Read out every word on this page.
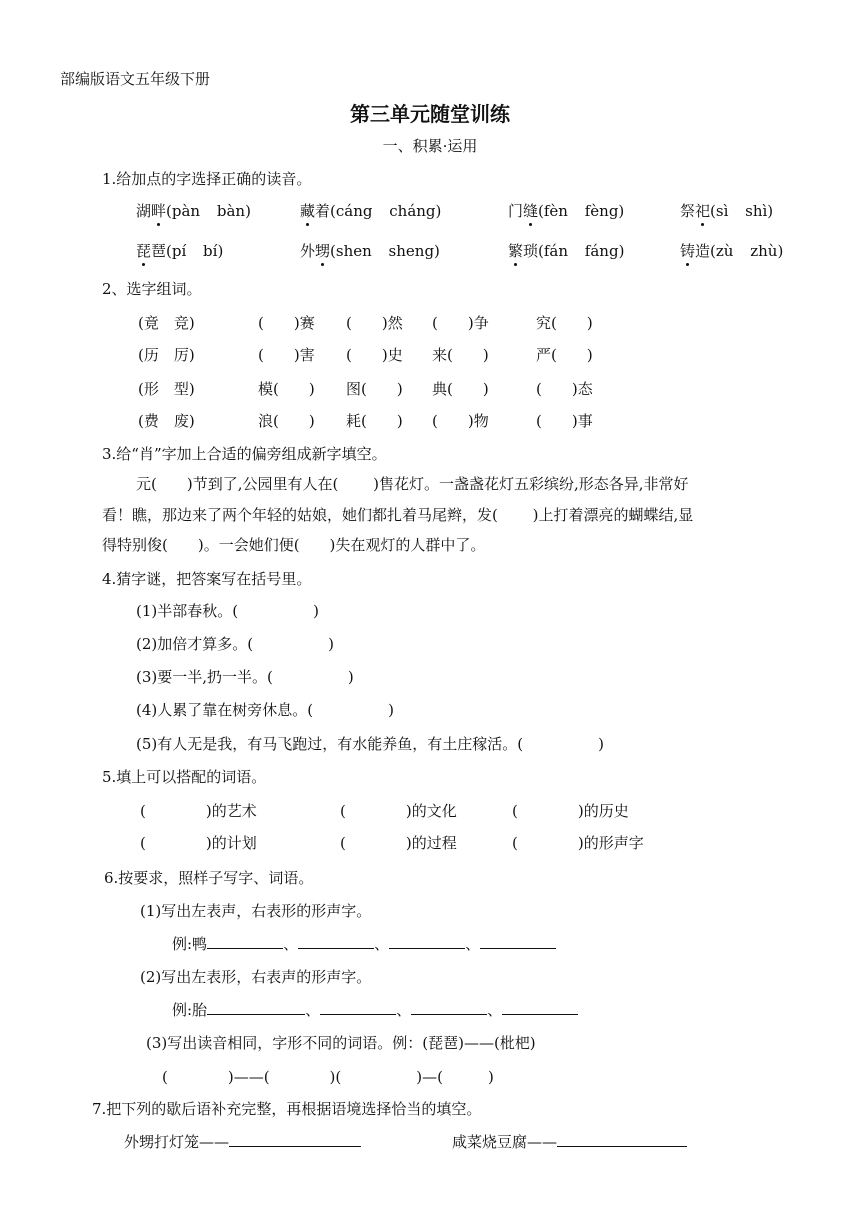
部编版语文五年级下册
第三单元随堂训练
一、积累·运用
1.给加点的字选择正确的读音。
湖畔(pàn bàn)	藏着(cáng cháng)	门缝(fèn fèng)	祭祀(sì shì)
琵琶(pí bí)	外甥(shen sheng)	繁琐(fán fáng)	铸造(zù zhù)
2、选字组词。
(竟　竞)	(　　)赛 (　　)然 (　　)争	究(　　)
(历　厉)	(　　)害 (　　)史 来(　　)	严(　　)
(形　型)	模(　　) 图(　　) 典(　　)	(　　)态
(费　废)	浪(　　) 耗(　　) (　　)物	(　　)事
3.给“肖”字加上合适的偏旁组成新字填空。
元(　　)节到了,公园里有人在(　　 )售花灯。一盏盏花灯五彩缤纷,形态各异,非常好
看！瞧，那边来了两个年轻的姑娘，她们都扎着马尾辫，发(　　 )上打着漂亮的蝴蝶结,显
得特别俊(　　)。一会她们便(　　)失在观灯的人群中了。
4.猜字谜，把答案写在括号里。
(1)半部春秋。(　　　　　)
(2)加倍才算多。(　　　　　)
(3)要一半,扔一半。(　　　　　)
(4)人累了靠在树旁休息。(　　　　　)
(5)有人无是我，有马飞跑过，有水能养鱼，有土庄稼活。(　　　　　)
5.填上可以搭配的词语。
(　　　　)的艺术	(　　　　)的文化	(　　　　)的历史
(　　　　)的计划	(　　　　)的过程	(　　　　)的形声字
6.按要求，照样子写字、词语。
(1)写出左表声，右表形的形声字。
例:鸭	、	、	、
(2)写出左表形，右表声的形声字。
例:胎	、	、	、
(3)写出读音相同，字形不同的词语。例：(琵琶)——(枇杷)
(　　　　)——(　　　　)(　　　　　)—(　　　)
7.把下列的歇后语补充完整，再根据语境选择恰当的填空。
外甥打灯笼——	咸菜烧豆腐——
